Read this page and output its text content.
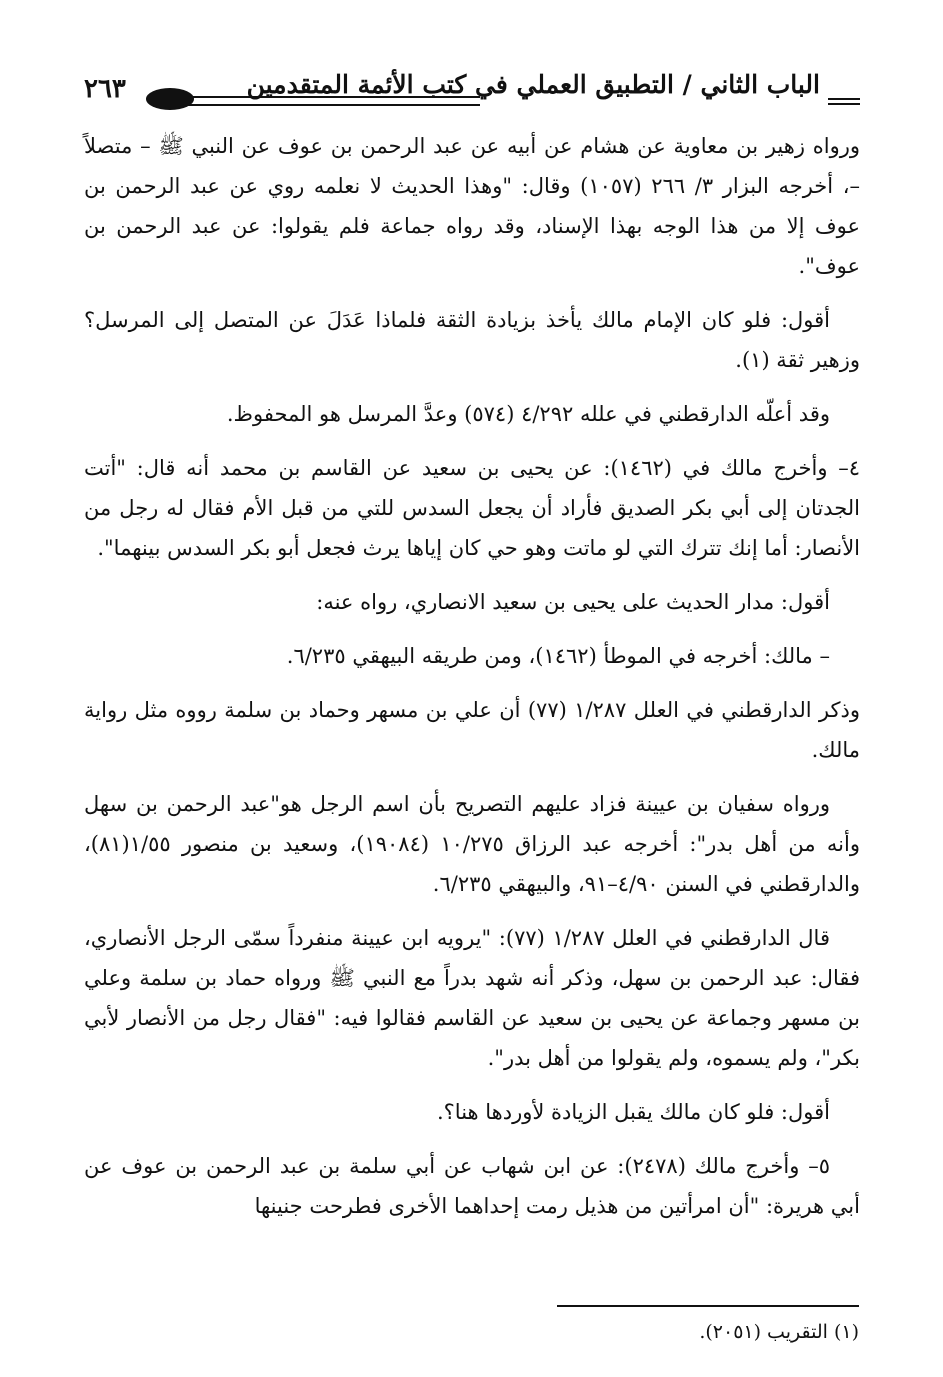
الباب الثاني / التطبيق العملي في كتب الأئمة المتقدمين
٢٦٣

ورواه زهير بن معاوية عن هشام عن أبيه عن عبد الرحمن بن عوف عن النبي ﷺ – متصلاً –، أخرجه البزار ٣/ ٢٦٦ (١٠٥٧) وقال: "وهذا الحديث لا نعلمه روي عن عبد الرحمن بن عوف إلا من هذا الوجه بهذا الإسناد، وقد رواه جماعة فلم يقولوا: عن عبد الرحمن بن عوف".

أقول: فلو كان الإمام مالك يأخذ بزيادة الثقة فلماذا عَدَلَ عن المتصل إلى المرسل؟ وزهير ثقة (١).

وقد أعلّه الدارقطني في علله ٤/٢٩٢ (٥٧٤) وعدَّ المرسل هو المحفوظ.

٤– وأخرج مالك في (١٤٦٢): عن يحيى بن سعيد عن القاسم بن محمد أنه قال: "أتت الجدتان إلى أبي بكر الصديق فأراد أن يجعل السدس للتي من قبل الأم فقال له رجل من الأنصار: أما إنك تترك التي لو ماتت وهو حي كان إياها يرث فجعل أبو بكر السدس بينهما".

أقول: مدار الحديث على يحيى بن سعيد الانصاري، رواه عنه:

– مالك: أخرجه في الموطأ (١٤٦٢)، ومن طريقه البيهقي ٦/٢٣٥.

وذكر الدارقطني في العلل ١/٢٨٧ (٧٧) أن علي بن مسهر وحماد بن سلمة رووه مثل رواية مالك.

ورواه سفيان بن عيينة فزاد عليهم التصريح بأن اسم الرجل هو"عبد الرحمن بن سهل وأنه من أهل بدر": أخرجه عبد الرزاق ١٠/٢٧٥ (١٩٠٨٤)، وسعيد بن منصور ١/٥٥(٨١)، والدارقطني في السنن ٤/٩٠–٩١، والبيهقي ٦/٢٣٥.

قال الدارقطني في العلل ١/٢٨٧ (٧٧): "يرويه ابن عيينة منفرداً سمّى الرجل الأنصاري، فقال: عبد الرحمن بن سهل، وذكر أنه شهد بدراً مع النبي ﷺ ورواه حماد بن سلمة وعلي بن مسهر وجماعة عن يحيى بن سعيد عن القاسم فقالوا فيه: "فقال رجل من الأنصار لأبي بكر"، ولم يسموه، ولم يقولوا من أهل بدر".

أقول: فلو كان مالك يقبل الزيادة لأوردها هنا؟.

٥– وأخرج مالك (٢٤٧٨): عن ابن شهاب عن أبي سلمة بن عبد الرحمن بن عوف عن أبي هريرة: "أن امرأتين من هذيل رمت إحداهما الأخرى فطرحت جنينها

(١) التقريب (٢٠٥١).
